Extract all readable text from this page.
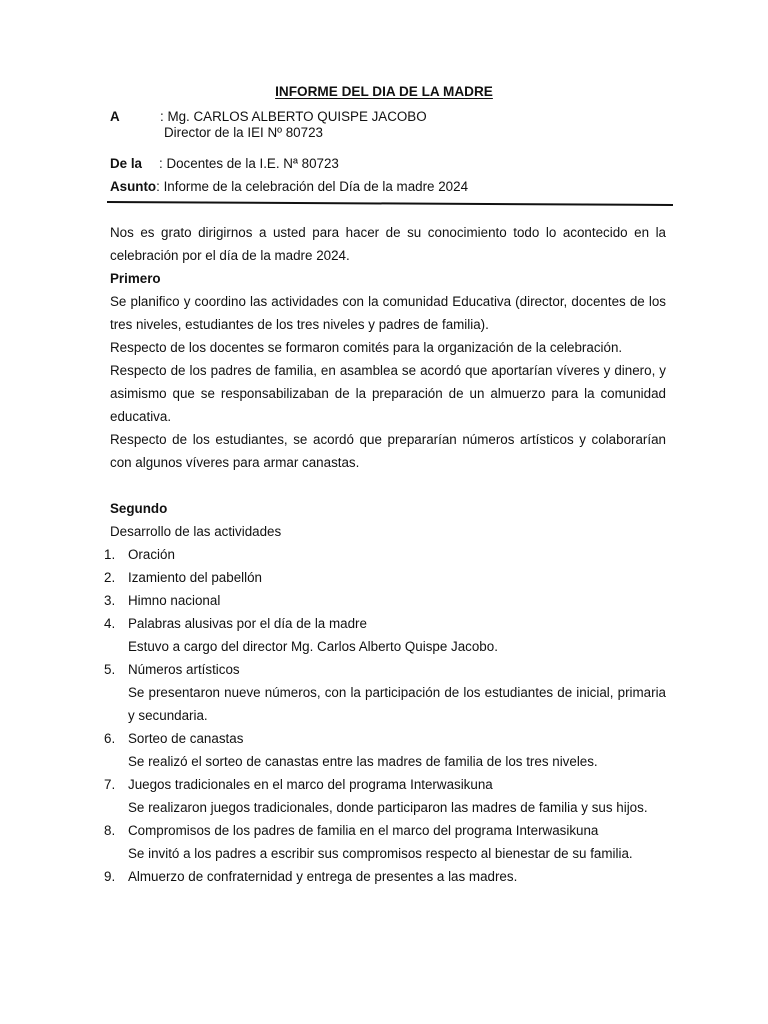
INFORME DEL DIA DE LA MADRE
A	: Mg. CARLOS ALBERTO QUISPE JACOBO
Director de la IEI Nº 80723
De la : Docentes de la I.E. Nª 80723
Asunto: Informe de la celebración del Día de la madre 2024

Nos es grato dirigirnos a usted para hacer de su conocimiento todo lo acontecido en la celebración por el día de la madre 2024.

Primero

Se planifico y coordino las actividades con la comunidad Educativa (director, docentes de los tres niveles, estudiantes de los tres niveles y padres de familia).

Respecto de los docentes se formaron comités para la organización de la celebración.

Respecto de los padres de familia, en asamblea se acordó que aportarían víveres y dinero, y asimismo que se responsabilizaban de la preparación de un almuerzo para la comunidad educativa.

Respecto de los estudiantes, se acordó que prepararían números artísticos y colaborarían con algunos víveres para armar canastas.

Segundo
Desarrollo de las actividades
1. Oración
2. Izamiento del pabellón
3. Himno nacional
4. Palabras alusivas por el día de la madre
Estuvo a cargo del director Mg. Carlos Alberto Quispe Jacobo.
5. Números artísticos
Se presentaron nueve números, con la participación de los estudiantes de inicial, primaria y secundaria.
6. Sorteo de canastas
Se realizó el sorteo de canastas entre las madres de familia de los tres niveles.
7. Juegos tradicionales en el marco del programa Interwasikuna
Se realizaron juegos tradicionales, donde participaron las madres de familia y sus hijos.
8. Compromisos de los padres de familia en el marco del programa Interwasikuna
Se invitó a los padres a escribir sus compromisos respecto al bienestar de su familia.
9. Almuerzo de confraternidad y entrega de presentes a las madres.
